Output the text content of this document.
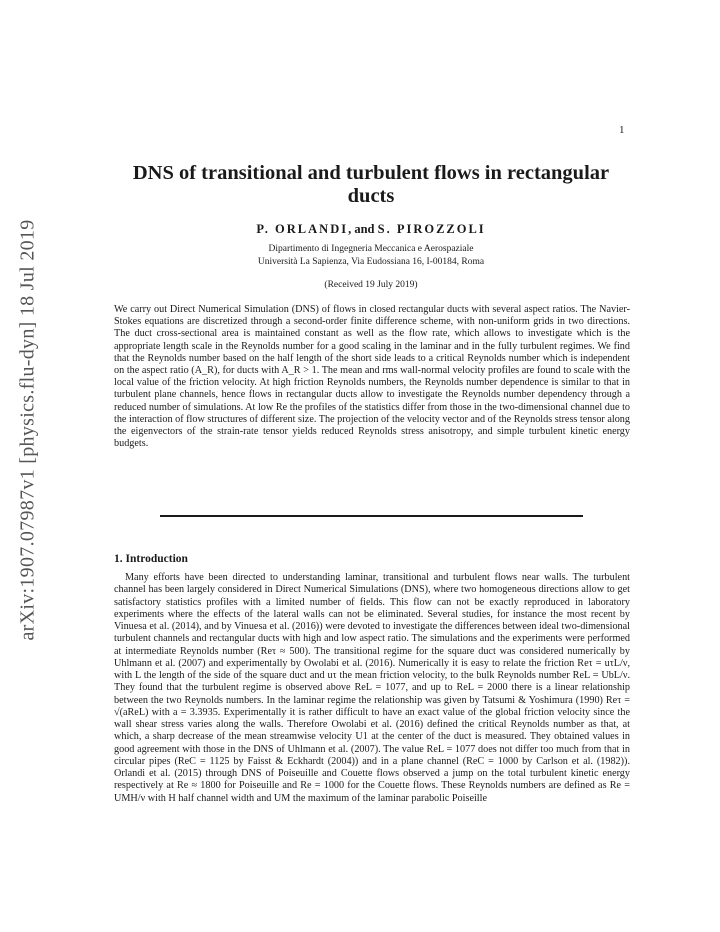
1
arXiv:1907.07987v1 [physics.flu-dyn] 18 Jul 2019
DNS of transitional and turbulent flows in rectangular ducts
P. ORLANDI, and S. PIROZZOLI
Dipartimento di Ingegneria Meccanica e Aerospaziale
Università La Sapienza, Via Eudossiana 16, I-00184, Roma
(Received 19 July 2019)

We carry out Direct Numerical Simulation (DNS) of flows in closed rectangular ducts with several aspect ratios. The Navier-Stokes equations are discretized through a second-order finite difference scheme, with non-uniform grids in two directions. The duct cross-sectional area is maintained constant as well as the flow rate, which allows to investigate which is the appropriate length scale in the Reynolds number for a good scaling in the laminar and in the fully turbulent regimes. We find that the Reynolds number based on the half length of the short side leads to a critical Reynolds number which is independent on the aspect ratio (A_R), for ducts with A_R > 1. The mean and rms wall-normal velocity profiles are found to scale with the local value of the friction velocity. At high friction Reynolds numbers, the Reynolds number dependence is similar to that in turbulent plane channels, hence flows in rectangular ducts allow to investigate the Reynolds number dependency through a reduced number of simulations. At low Re the profiles of the statistics differ from those in the two-dimensional channel due to the interaction of flow structures of different size. The projection of the velocity vector and of the Reynolds stress tensor along the eigenvectors of the strain-rate tensor yields reduced Reynolds stress anisotropy, and simple turbulent kinetic energy budgets.

1. Introduction

Many efforts have been directed to understanding laminar, transitional and turbulent flows near walls. The turbulent channel has been largely considered in Direct Numerical Simulations (DNS), where two homogeneous directions allow to get satisfactory statistics profiles with a limited number of fields. This flow can not be exactly reproduced in laboratory experiments where the effects of the lateral walls can not be eliminated. Several studies, for instance the most recent by Vinuesa et al. (2014), and by Vinuesa et al. (2016)) were devoted to investigate the differences between ideal two-dimensional turbulent channels and rectangular ducts with high and low aspect ratio. The simulations and the experiments were performed at intermediate Reynolds number (Reτ ≈ 500). The transitional regime for the square duct was considered numerically by Uhlmann et al. (2007) and experimentally by Owolabi et al. (2016). Numerically it is easy to relate the friction Reτ = uτL/ν, with L the length of the side of the square duct and uτ the mean friction velocity, to the bulk Reynolds number ReL = UbL/ν. They found that the turbulent regime is observed above ReL = 1077, and up to ReL = 2000 there is a linear relationship between the two Reynolds numbers. In the laminar regime the relationship was given by Tatsumi & Yoshimura (1990) Reτ = √(aReL) with a = 3.3935. Experimentally it is rather difficult to have an exact value of the global friction velocity since the wall shear stress varies along the walls. Therefore Owolabi et al. (2016) defined the critical Reynolds number as that, at which, a sharp decrease of the mean streamwise velocity U1 at the center of the duct is measured. They obtained values in good agreement with those in the DNS of Uhlmann et al. (2007). The value ReL = 1077 does not differ too much from that in circular pipes (ReC = 1125 by Faisst & Eckhardt (2004)) and in a plane channel (ReC = 1000 by Carlson et al. (1982)). Orlandi et al. (2015) through DNS of Poiseuille and Couette flows observed a jump on the total turbulent kinetic energy respectively at Re ≈ 1800 for Poiseuille and Re = 1000 for the Couette flows. These Reynolds numbers are defined as Re = UMH/ν with H half channel width and UM the maximum of the laminar parabolic Poiseille
